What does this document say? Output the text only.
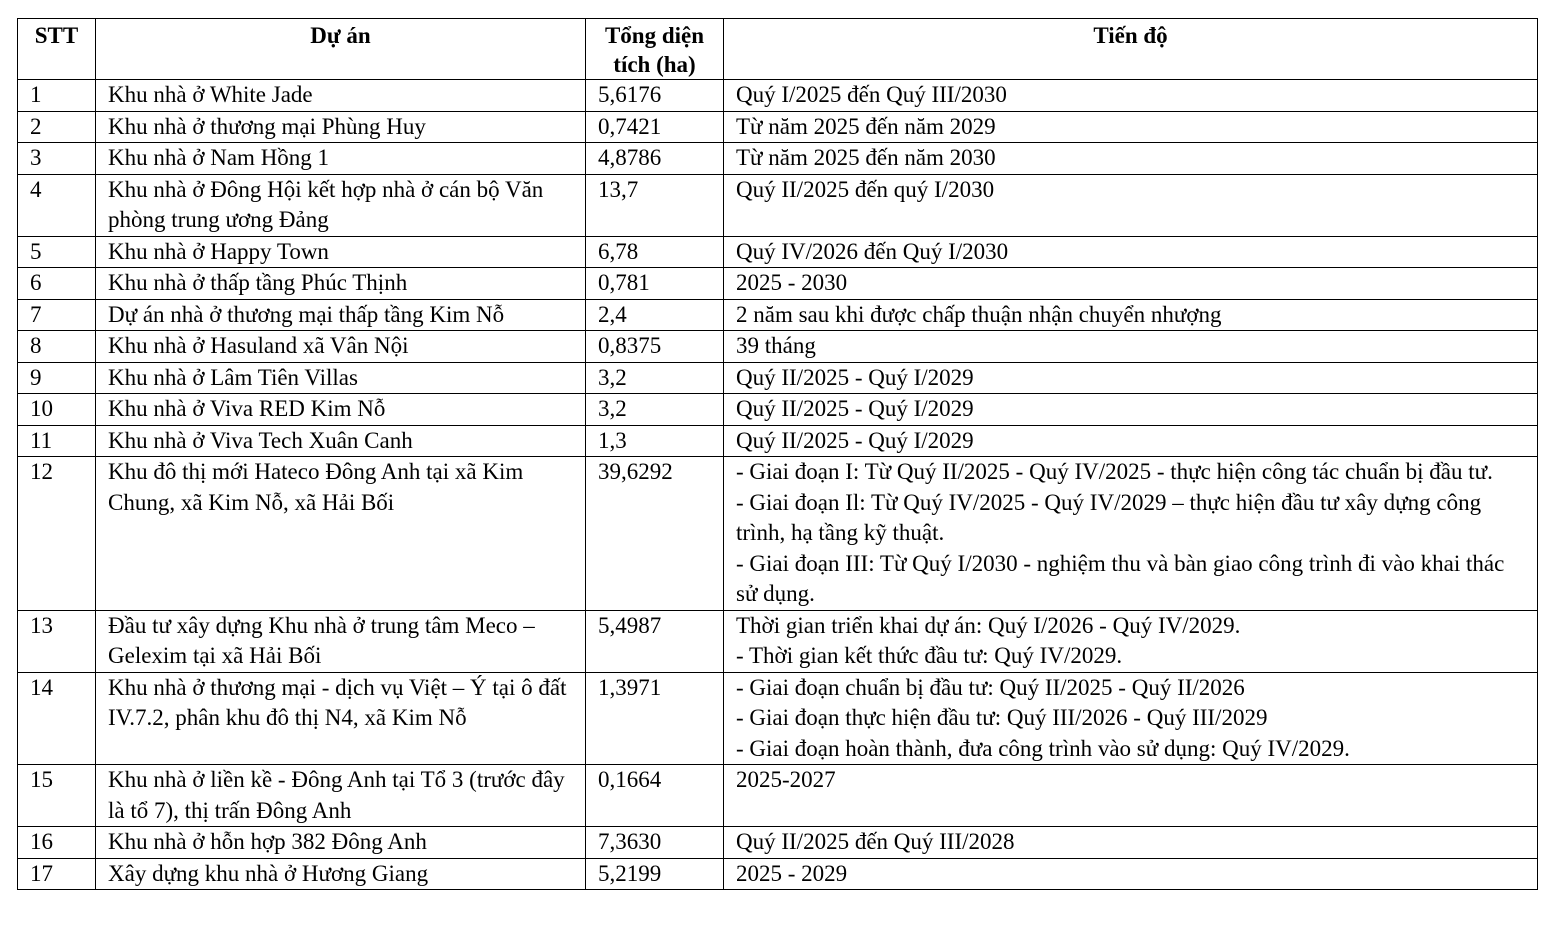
STT	Dự án	Tổng diện tích (ha)	Tiến độ
1	Khu nhà ở White Jade	5,6176	Quý I/2025 đến Quý III/2030

2	Khu nhà ở thương mại Phùng Huy	0,7421	Từ năm 2025 đến năm 2029

3	Khu nhà ở Nam Hồng 1	4,8786	Từ năm 2025 đến năm 2030

4	Khu nhà ở Đông Hội kết hợp nhà ở cán bộ Văn phòng trung ương Đảng	13,7	Quý II/2025 đến quý I/2030

5	Khu nhà ở Happy Town	6,78	Quý IV/2026 đến Quý I/2030

6	Khu nhà ở thấp tầng Phúc Thịnh	0,781	2025 - 2030

7	Dự án nhà ở thương mại thấp tầng Kim Nỗ	2,4	2 năm sau khi được chấp thuận nhận chuyển nhượng

8	Khu nhà ở Hasuland xã Vân Nội	0,8375	39 tháng

9	Khu nhà ở Lâm Tiên Villas	3,2	Quý II/2025 - Quý I/2029

10	Khu nhà ở Viva RED Kim Nỗ	3,2	Quý II/2025 - Quý I/2029

11	Khu nhà ở Viva Tech Xuân Canh	1,3	Quý II/2025 - Quý I/2029

12	Khu đô thị mới Hateco Đông Anh tại xã Kim Chung, xã Kim Nỗ, xã Hải Bối	39,6292	- Giai đoạn I: Từ Quý II/2025 - Quý IV/2025 - thực hiện công tác chuẩn bị đầu tư.
- Giai đoạn Il: Từ Quý IV/2025 - Quý IV/2029 – thực hiện đầu tư xây dựng công trình, hạ tầng kỹ thuật.
- Giai đoạn III: Từ Quý I/2030 - nghiệm thu và bàn giao công trình đi vào khai thác sử dụng.

13	Đầu tư xây dựng Khu nhà ở trung tâm Meco – Gelexim tại xã Hải Bối	5,4987	Thời gian triển khai dự án: Quý I/2026 - Quý IV/2029.
- Thời gian kết thức đầu tư: Quý IV/2029.

14	Khu nhà ở thương mại - dịch vụ Việt – Ý tại ô đất IV.7.2, phân khu đô thị N4, xã Kim Nỗ	1,3971	- Giai đoạn chuẩn bị đầu tư: Quý II/2025 - Quý II/2026
- Giai đoạn thực hiện đầu tư: Quý III/2026 - Quý III/2029
- Giai đoạn hoàn thành, đưa công trình vào sử dụng: Quý IV/2029.

15	Khu nhà ở liền kề - Đông Anh tại Tổ 3 (trước đây là tổ 7), thị trấn Đông Anh	0,1664	2025-2027

16	Khu nhà ở hỗn hợp 382 Đông Anh	7,3630	Quý II/2025 đến Quý III/2028

17	Xây dựng khu nhà ở Hương Giang	5,2199	2025 - 2029
